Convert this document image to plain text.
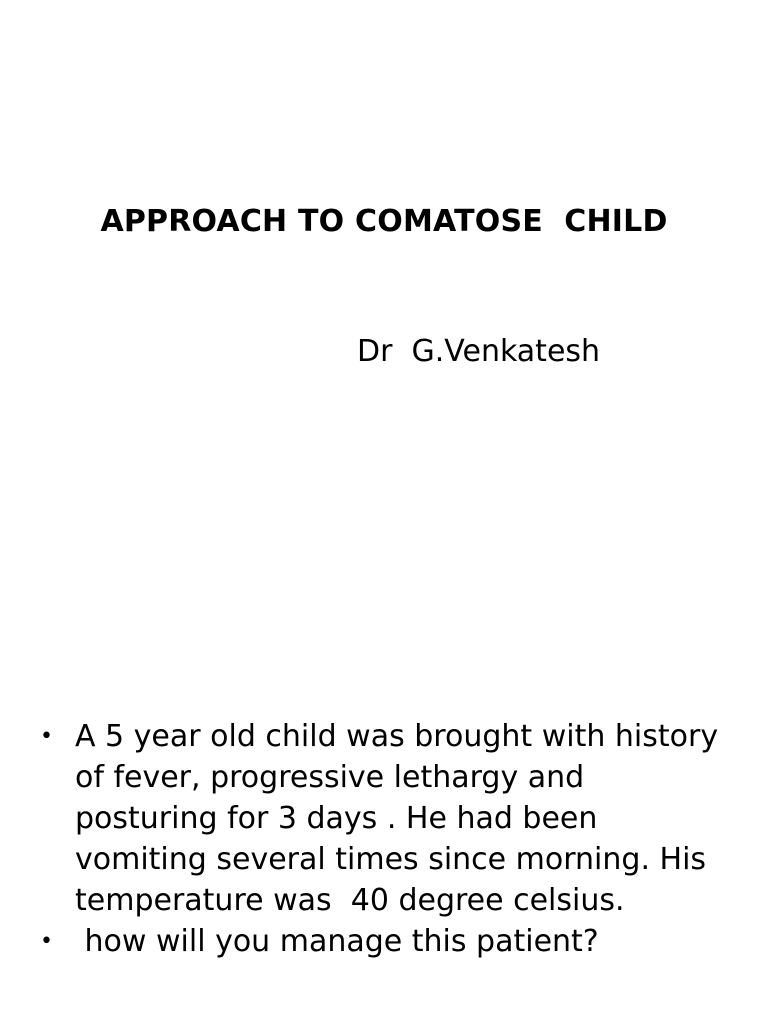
APPROACH TO COMATOSE  CHILD

Dr  G.Venkatesh

• A 5 year old child was brought with history of fever, progressive lethargy and posturing for 3 days . He had been vomiting several times since morning. His temperature was  40 degree celsius.
• how will you manage this patient?
